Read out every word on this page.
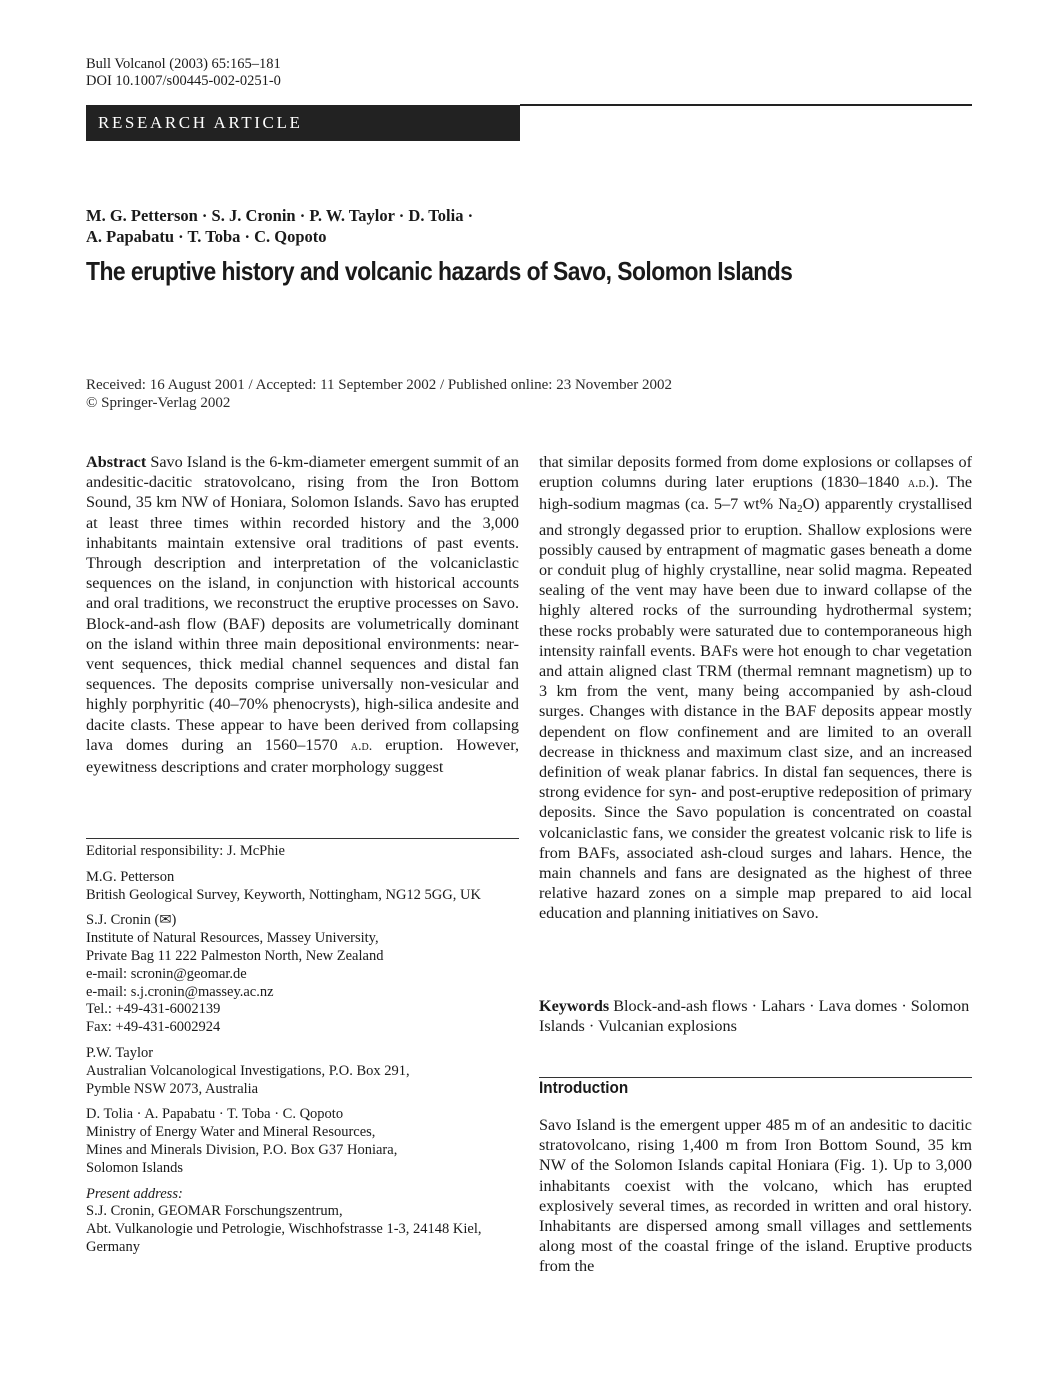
Bull Volcanol (2003) 65:165–181
DOI 10.1007/s00445-002-0251-0
RESEARCH ARTICLE
M. G. Petterson · S. J. Cronin · P. W. Taylor · D. Tolia ·
A. Papabatu · T. Toba · C. Qopoto
The eruptive history and volcanic hazards of Savo, Solomon Islands
Received: 16 August 2001 / Accepted: 11 September 2002 / Published online: 23 November 2002
© Springer-Verlag 2002

Abstract Savo Island is the 6-km-diameter emergent summit of an andesitic-dacitic stratovolcano, rising from the Iron Bottom Sound, 35 km NW of Honiara, Solomon Islands. Savo has erupted at least three times within recorded history and the 3,000 inhabitants maintain extensive oral traditions of past events. Through description and interpretation of the volcaniclastic sequences on the island, in conjunction with historical accounts and oral traditions, we reconstruct the eruptive processes on Savo. Block-and-ash flow (BAF) deposits are volumetrically dominant on the island within three main depositional environments: near-vent sequences, thick medial channel sequences and distal fan sequences. The deposits comprise universally non-vesicular and highly porphyritic (40–70% phenocrysts), high-silica andesite and dacite clasts. These appear to have been derived from collapsing lava domes during an 1560–1570 a.d. eruption. However, eyewitness descriptions and crater morphology suggest

Editorial responsibility: J. McPhie
M.G. Petterson
British Geological Survey, Keyworth, Nottingham, NG12 5GG, UK
S.J. Cronin (✉)
Institute of Natural Resources, Massey University,
Private Bag 11 222 Palmeston North, New Zealand
e-mail: scronin@geomar.de
e-mail: s.j.cronin@massey.ac.nz
Tel.: +49-431-6002139
Fax: +49-431-6002924
P.W. Taylor
Australian Volcanological Investigations, P.O. Box 291,
Pymble NSW 2073, Australia
D. Tolia · A. Papabatu · T. Toba · C. Qopoto
Ministry of Energy Water and Mineral Resources,
Mines and Minerals Division, P.O. Box G37 Honiara,
Solomon Islands
Present address:
S.J. Cronin, GEOMAR Forschungszentrum,
Abt. Vulkanologie und Petrologie, Wischhofstrasse 1-3, 24148 Kiel, Germany

that similar deposits formed from dome explosions or collapses of eruption columns during later eruptions (1830–1840 a.d.). The high-sodium magmas (ca. 5–7 wt% $Na_2O$) apparently crystallised and strongly degassed prior to eruption. Shallow explosions were possibly caused by entrapment of magmatic gases beneath a dome or conduit plug of highly crystalline, near solid magma. Repeated sealing of the vent may have been due to inward collapse of the highly altered rocks of the surrounding hydrothermal system; these rocks probably were saturated due to contemporaneous high intensity rainfall events. BAFs were hot enough to char vegetation and attain aligned clast TRM (thermal remnant magnetism) up to 3 km from the vent, many being accompanied by ash-cloud surges. Changes with distance in the BAF deposits appear mostly dependent on flow confinement and are limited to an overall decrease in thickness and maximum clast size, and an increased definition of weak planar fabrics. In distal fan sequences, there is strong evidence for syn- and post-eruptive redeposition of primary deposits. Since the Savo population is concentrated on coastal volcaniclastic fans, we consider the greatest volcanic risk to life is from BAFs, associated ash-cloud surges and lahars. Hence, the main channels and fans are designated as the highest of three relative hazard zones on a simple map prepared to aid local education and planning initiatives on Savo.

Keywords Block-and-ash flows · Lahars · Lava domes · Solomon Islands · Vulcanian explosions
Introduction
Savo Island is the emergent upper 485 m of an andesitic to dacitic stratovolcano, rising 1,400 m from Iron Bottom Sound, 35 km NW of the Solomon Islands capital Honiara (Fig. 1). Up to 3,000 inhabitants coexist with the volcano, which has erupted explosively several times, as recorded in written and oral history. Inhabitants are dispersed among small villages and settlements along most of the coastal fringe of the island. Eruptive products from the
